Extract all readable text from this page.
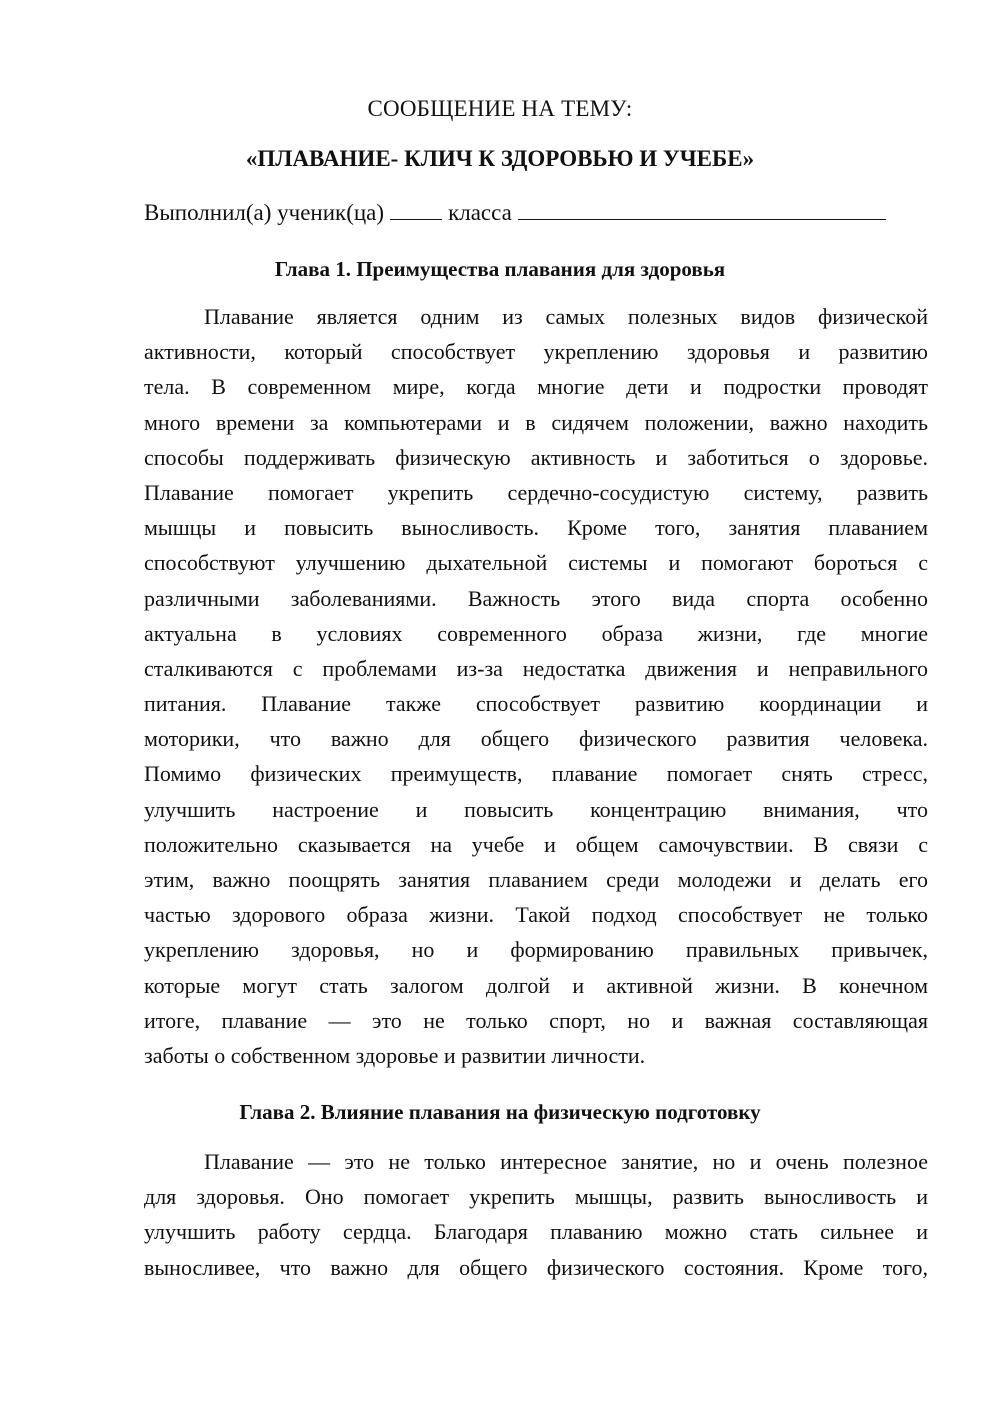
СООБЩЕНИЕ НА ТЕМУ:
«ПЛАВАНИЕ- КЛИЧ К ЗДОРОВЬЮ И УЧЕБЕ»
Выполнил(а) ученик(ца)	класса
Глава 1. Преимущества плавания для здоровья
Плавание является одним из самых полезных видов физической
активности, который способствует укреплению здоровья и развитию
тела. В современном мире, когда многие дети и подростки проводят
много времени за компьютерами и в сидячем положении, важно находить
способы поддерживать физическую активность и заботиться о здоровье.
Плавание помогает укрепить сердечно-сосудистую систему, развить
мышцы и повысить выносливость. Кроме того, занятия плаванием
способствуют улучшению дыхательной системы и помогают бороться с
различными заболеваниями. Важность этого вида спорта особенно
актуальна в условиях современного образа жизни, где многие
сталкиваются с проблемами из-за недостатка движения и неправильного
питания. Плавание также способствует развитию координации и
моторики, что важно для общего физического развития человека.
Помимо физических преимуществ, плавание помогает снять стресс,
улучшить настроение и повысить концентрацию внимания, что
положительно сказывается на учебе и общем самочувствии. В связи с
этим, важно поощрять занятия плаванием среди молодежи и делать его
частью здорового образа жизни. Такой подход способствует не только
укреплению здоровья, но и формированию правильных привычек,
которые могут стать залогом долгой и активной жизни. В конечном
итоге, плавание — это не только спорт, но и важная составляющая
заботы о собственном здоровье и развитии личности.
Глава 2. Влияние плавания на физическую подготовку
Плавание — это не только интересное занятие, но и очень полезное
для здоровья. Оно помогает укрепить мышцы, развить выносливость и
улучшить работу сердца. Благодаря плаванию можно стать сильнее и
выносливее, что важно для общего физического состояния. Кроме того,
